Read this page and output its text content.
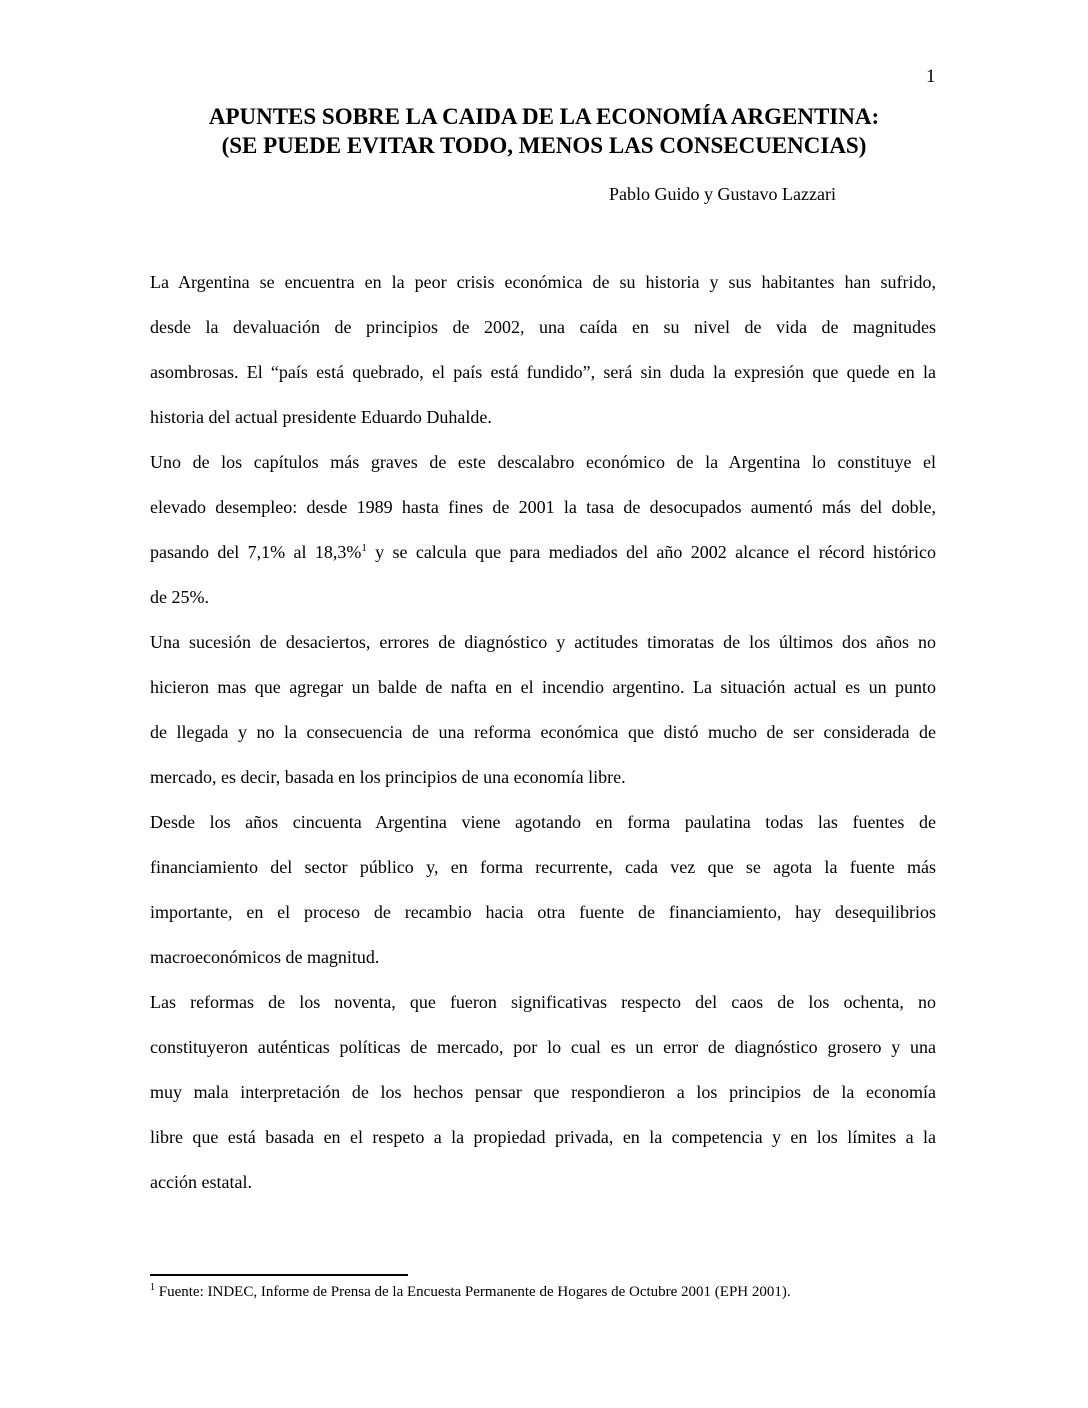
1
APUNTES SOBRE LA CAIDA DE LA ECONOMÍA ARGENTINA:
(SE PUEDE EVITAR TODO, MENOS LAS CONSECUENCIAS)
Pablo Guido y Gustavo Lazzari
La Argentina se encuentra en la peor crisis económica de su historia y sus habitantes han sufrido,
desde la devaluación de principios de 2002, una caída en su nivel de vida de magnitudes
asombrosas. El “país está quebrado, el país está fundido”, será sin duda la expresión que quede en la
historia del actual presidente Eduardo Duhalde.
Uno de los capítulos más graves de este descalabro económico de la Argentina lo constituye el
elevado desempleo: desde 1989 hasta fines de 2001 la tasa de desocupados aumentó más del doble,
pasando del 7,1% al 18,3%$^1$ y se calcula que para mediados del año 2002 alcance el récord histórico
de 25%.
Una sucesión de desaciertos, errores de diagnóstico y actitudes timoratas de los últimos dos años no
hicieron mas que agregar un balde de nafta en el incendio argentino. La situación actual es un punto
de llegada y no la consecuencia de una reforma económica que distó mucho de ser considerada de
mercado, es decir, basada en los principios de una economía libre.
Desde los años cincuenta Argentina viene agotando en forma paulatina todas las fuentes de
financiamiento del sector público y, en forma recurrente, cada vez que se agota la fuente más
importante, en el proceso de recambio hacia otra fuente de financiamiento, hay desequilibrios
macroeconómicos de magnitud.
Las reformas de los noventa, que fueron significativas respecto del caos de los ochenta, no
constituyeron auténticas políticas de mercado, por lo cual es un error de diagnóstico grosero y una
muy mala interpretación de los hechos pensar que respondieron a los principios de la economía
libre que está basada en el respeto a la propiedad privada, en la competencia y en los límites a la
acción estatal.
$^1$ Fuente: INDEC, Informe de Prensa de la Encuesta Permanente de Hogares de Octubre 2001 (EPH 2001).
